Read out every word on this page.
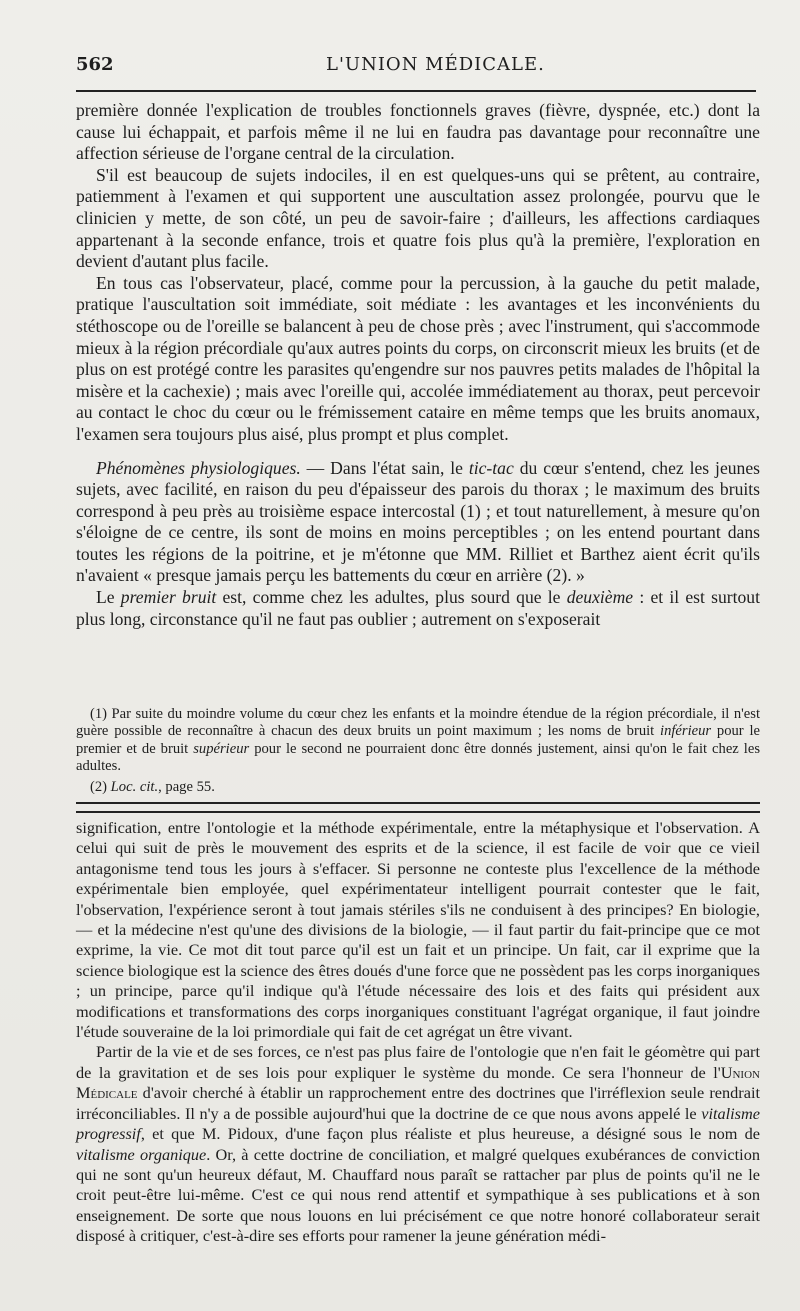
562	L'UNION MÉDICALE.

première donnée l'explication de troubles fonctionnels graves (fièvre, dyspnée, etc.) dont la cause lui échappait, et parfois même il ne lui en faudra pas davantage pour reconnaître une affection sérieuse de l'organe central de la circulation.

S'il est beaucoup de sujets indociles, il en est quelques-uns qui se prêtent, au contraire, patiemment à l'examen et qui supportent une auscultation assez prolongée, pourvu que le clinicien y mette, de son côté, un peu de savoir-faire ; d'ailleurs, les affections cardiaques appartenant à la seconde enfance, trois et quatre fois plus qu'à la première, l'exploration en devient d'autant plus facile.

En tous cas l'observateur, placé, comme pour la percussion, à la gauche du petit malade, pratique l'auscultation soit immédiate, soit médiate : les avantages et les inconvénients du stéthoscope ou de l'oreille se balancent à peu de chose près ; avec l'instrument, qui s'accommode mieux à la région précordiale qu'aux autres points du corps, on circonscrit mieux les bruits (et de plus on est protégé contre les parasites qu'engendre sur nos pauvres petits malades de l'hôpital la misère et la cachexie) ; mais avec l'oreille qui, accolée immédiatement au thorax, peut percevoir au contact le choc du cœur ou le frémissement cataire en même temps que les bruits anomaux, l'examen sera toujours plus aisé, plus prompt et plus complet.

Phénomènes physiologiques. — Dans l'état sain, le tic-tac du cœur s'entend, chez les jeunes sujets, avec facilité, en raison du peu d'épaisseur des parois du thorax ; le maximum des bruits correspond à peu près au troisième espace intercostal (1) ; et tout naturellement, à mesure qu'on s'éloigne de ce centre, ils sont de moins en moins perceptibles ; on les entend pourtant dans toutes les régions de la poitrine, et je m'étonne que MM. Rilliet et Barthez aient écrit qu'ils n'avaient « presque jamais perçu les battements du cœur en arrière (2). »

Le premier bruit est, comme chez les adultes, plus sourd que le deuxième : et il est surtout plus long, circonstance qu'il ne faut pas oublier ; autrement on s'exposerait

(1) Par suite du moindre volume du cœur chez les enfants et la moindre étendue de la région précordiale, il n'est guère possible de reconnaître à chacun des deux bruits un point maximum ; les noms de bruit inférieur pour le premier et de bruit supérieur pour le second ne pourraient donc être donnés justement, ainsi qu'on le fait chez les adultes.

(2) Loc. cit., page 55.

signification, entre l'ontologie et la méthode expérimentale, entre la métaphysique et l'observation. A celui qui suit de près le mouvement des esprits et de la science, il est facile de voir que ce vieil antagonisme tend tous les jours à s'effacer. Si personne ne conteste plus l'excellence de la méthode expérimentale bien employée, quel expérimentateur intelligent pourrait contester que le fait, l'observation, l'expérience seront à tout jamais stériles s'ils ne conduisent à des principes? En biologie, — et la médecine n'est qu'une des divisions de la biologie, — il faut partir du fait-principe que ce mot exprime, la vie. Ce mot dit tout parce qu'il est un fait et un principe. Un fait, car il exprime que la science biologique est la science des êtres doués d'une force que ne possèdent pas les corps inorganiques ; un principe, parce qu'il indique qu'à l'étude nécessaire des lois et des faits qui président aux modifications et transformations des corps inorganiques constituant l'agrégat organique, il faut joindre l'étude souveraine de la loi primordiale qui fait de cet agrégat un être vivant.

Partir de la vie et de ses forces, ce n'est pas plus faire de l'ontologie que n'en fait le géomètre qui part de la gravitation et de ses lois pour expliquer le système du monde. Ce sera l'honneur de l'Union Médicale d'avoir cherché à établir un rapprochement entre des doctrines que l'irréflexion seule rendrait irréconciliables. Il n'y a de possible aujourd'hui que la doctrine de ce que nous avons appelé le vitalisme progressif, et que M. Pidoux, d'une façon plus réaliste et plus heureuse, a désigné sous le nom de vitalisme organique. Or, à cette doctrine de conciliation, et malgré quelques exubérances de conviction qui ne sont qu'un heureux défaut, M. Chauffard nous paraît se rattacher par plus de points qu'il ne le croit peut-être lui-même. C'est ce qui nous rend attentif et sympathique à ses publications et à son enseignement. De sorte que nous louons en lui précisément ce que notre honoré collaborateur serait disposé à critiquer, c'est-à-dire ses efforts pour ramener la jeune génération médi-
